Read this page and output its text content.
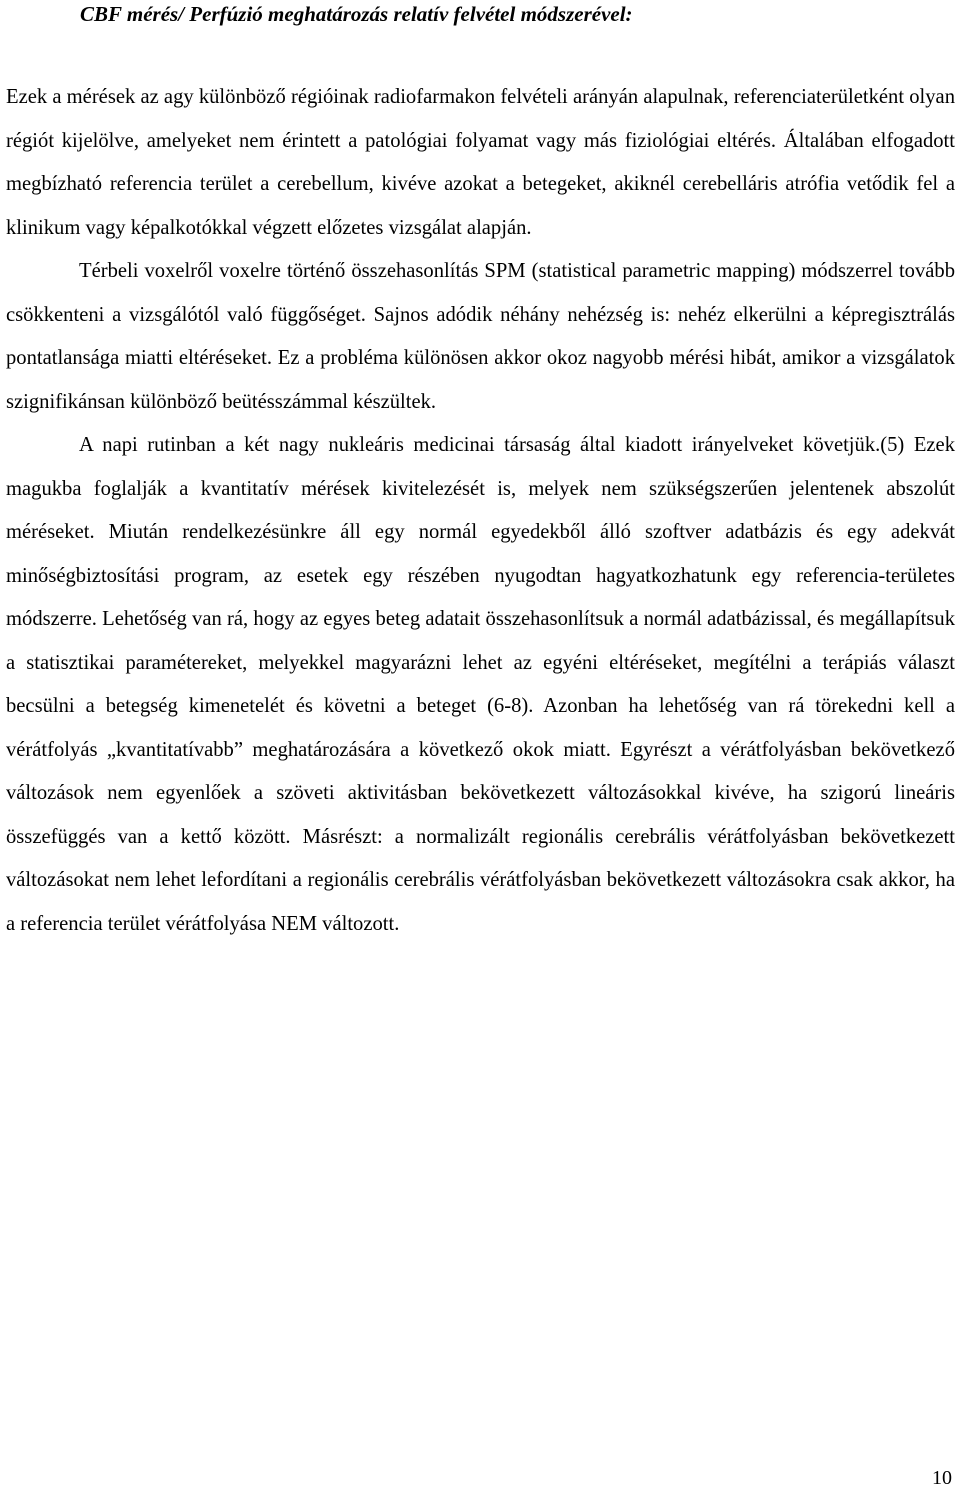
CBF mérés/ Perfúzió meghatározás relatív felvétel módszerével:

Ezek a mérések az agy különböző régióinak radiofarmakon felvételi arányán alapulnak, referenciaterületként olyan régiót kijelölve, amelyeket nem érintett a patológiai folyamat vagy más fiziológiai eltérés. Általában elfogadott megbízható referencia terület a cerebellum, kivéve azokat a betegeket, akiknél cerebelláris atrófia vetődik fel a klinikum vagy képalkotókkal végzett előzetes vizsgálat alapján.

Térbeli voxelről voxelre történő összehasonlítás SPM (statistical parametric mapping) módszerrel tovább csökkenteni a vizsgálótól való függőséget. Sajnos adódik néhány nehézség is: nehéz elkerülni a képregisztrálás pontatlansága miatti eltéréseket. Ez a probléma különösen akkor okoz nagyobb mérési hibát, amikor a vizsgálatok szignifikánsan különböző beütésszámmal készültek.

A napi rutinban a két nagy nukleáris medicinai társaság által kiadott irányelveket követjük.(5) Ezek magukba foglalják a kvantitatív mérések kivitelezését is, melyek nem szükségszerűen jelentenek abszolút méréseket. Miután rendelkezésünkre áll egy normál egyedekből álló szoftver adatbázis és egy adekvát minőségbiztosítási program, az esetek egy részében nyugodtan hagyatkozhatunk egy referencia-területes módszerre. Lehetőség van rá, hogy az egyes beteg adatait összehasonlítsuk a normál adatbázissal, és megállapítsuk a statisztikai paramétereket, melyekkel magyarázni lehet az egyéni eltéréseket, megítélni a terápiás választ becsülni a betegség kimenetelét és követni a beteget (6-8). Azonban ha lehetőség van rá törekedni kell a vérátfolyás „kvantitatívabb” meghatározására a következő okok miatt. Egyrészt a vérátfolyásban bekövetkező változások nem egyenlőek a szöveti aktivitásban bekövetkezett változásokkal kivéve, ha szigorú lineáris összefüggés van a kettő között. Másrészt: a normalizált regionális cerebrális vérátfolyásban bekövetkezett változásokat nem lehet lefordítani a regionális cerebrális vérátfolyásban bekövetkezett változásokra csak akkor, ha a referencia terület vérátfolyása NEM változott.

10
